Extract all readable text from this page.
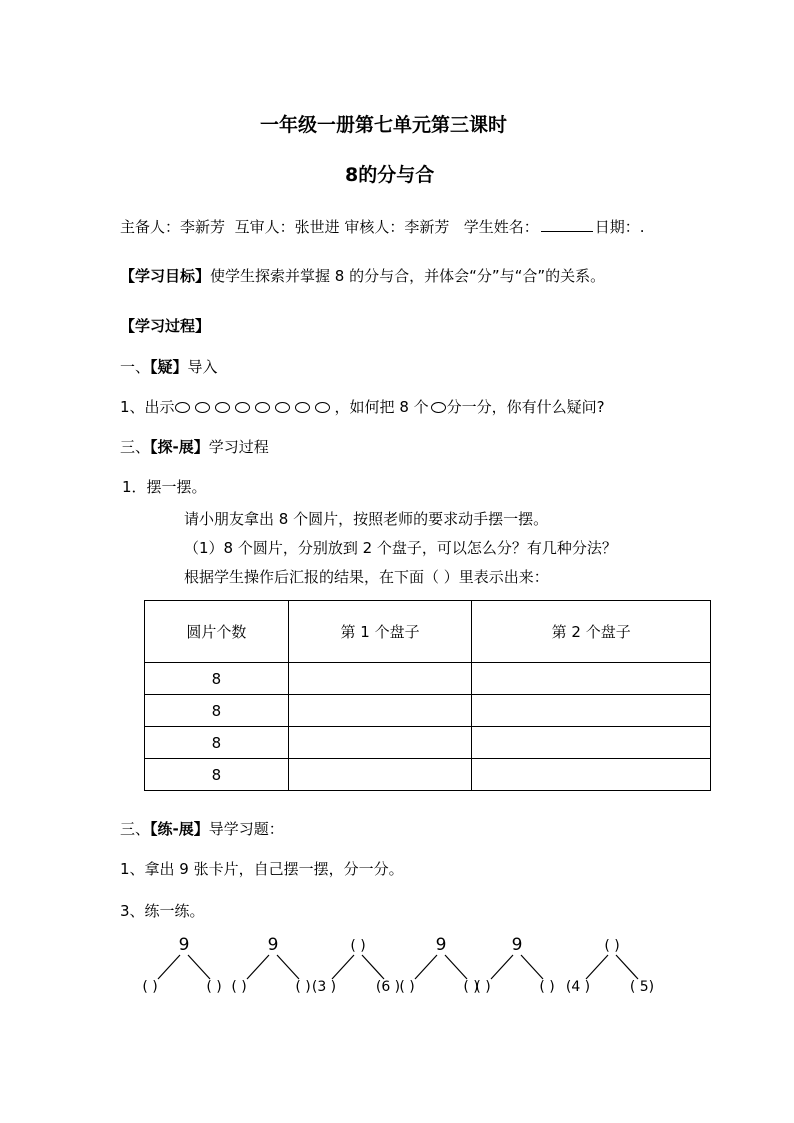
一年级一册第七单元第三课时
8的分与合
主备人：李新芳 互审人：张世进 审核人：李新芳 学生姓名：	日期：.
【学习目标】使学生探索并掌握 8 的分与合，并体会“分”与“合”的关系。
【学习过程】
一、【疑】导入
1、出示	，如何把 8 个 分一分，你有什么疑问?
三、【探-展】学习过程
1．摆一摆。
请小朋友拿出 8 个圆片，按照老师的要求动手摆一摆。
（1）8 个圆片，分别放到 2 个盘子，可以怎么分？有几种分法？
根据学生操作后汇报的结果，在下面（ ）里表示出来：
圆片个数	第 1 个盘子	第 2 个盘子
8		
8		
8		
8		
三、【练-展】导学习题：
1、拿出 9 张卡片，自己摆一摆，分一分。
3、练一练。
9
( )	( )
9
( )	( )
( )
(3 )	(6 )
9
( )	( )
9
( )	( )
( )
(4 )	( 5)
